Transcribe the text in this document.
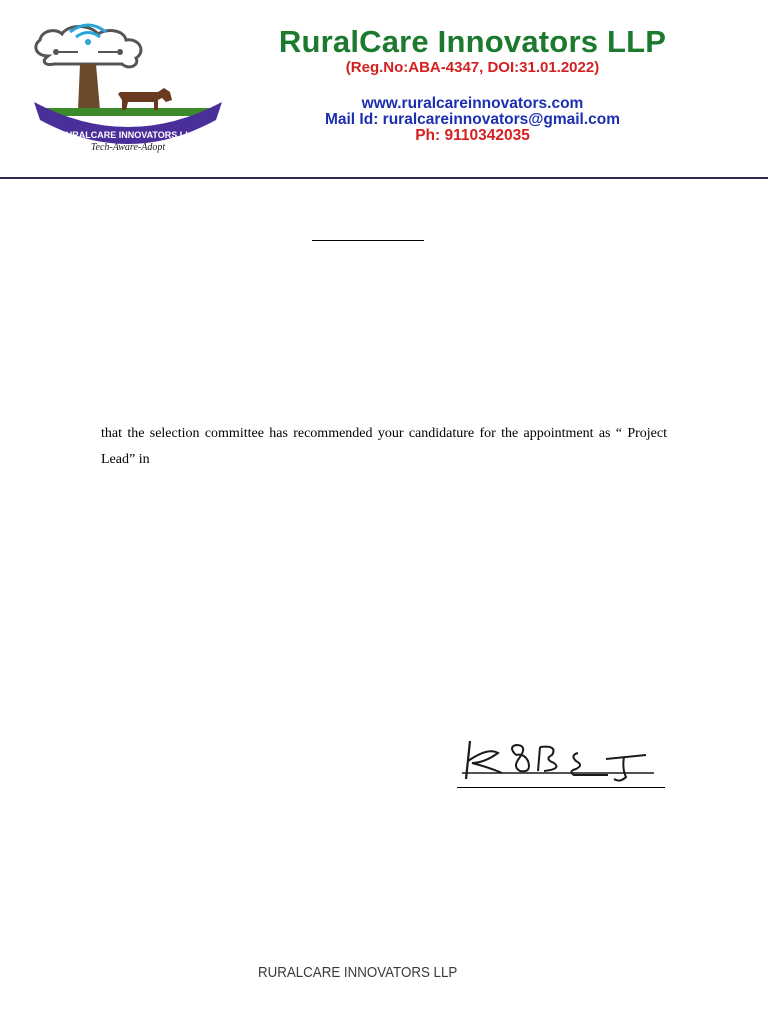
RURALCARE INNOVATORS LLP
Tech-Aware-Adopt
RuralCare Innovators LLP
(Reg.No:ABA-4347, DOI:31.01.2022)
www.ruralcareinnovators.com
Mail Id: ruralcareinnovators@gmail.com
Ph: 9110342035

that the selection committee has recommended your candidature for the appointment as “ Project Lead” in

RURALCARE INNOVATORS LLP
